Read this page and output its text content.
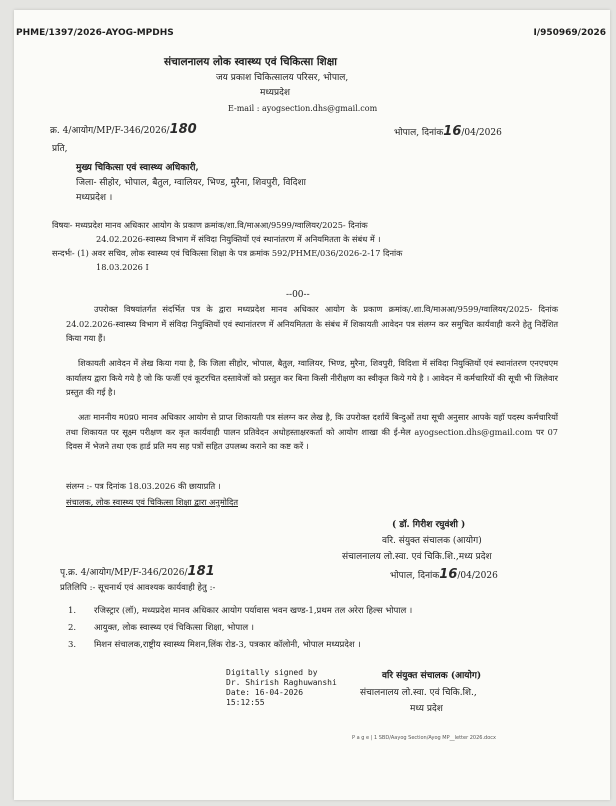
PHME/1397/2026-AYOG-MPDHS	I/950969/2026
संचालनालय लोक स्वास्थ्य एवं चिकित्सा शिक्षा
जय प्रकाश चिकित्सालय परिसर, भोपाल,
मध्यप्रदेश
E-mail : ayogsection.dhs@gmail.com
क्र. 4/आयोग/MP/F-346/2026/180	भोपाल, दिनांक16/04/2026
प्रति,
मुख्य चिकित्सा एवं स्वास्थ्य अधिकारी,
जिला- सीहोर, भोपाल, बैतुल, ग्वालियर, भिण्ड, मुरैना, शिवपुरी, विदिशा
मध्यप्रदेश ।
विषयः- मध्यप्रदेश मानव अधिकार आयोग के प्रकाण क्रमांक/शा.वि/माअआ/9599/ग्वालियर/2025- दिनांक
24.02.2026-स्वास्थ्य विभाग में संविदा नियुक्तियों एवं स्थानांतरण में अनियमितता के संबंध में ।
सन्दर्भः- (1) अवर सचिव, लोक स्वास्थ्य एवं चिकित्सा शिक्षा के पत्र क्रमांक 592/PHME/036/2026-2-17 दिनांक
18.03.2026 I
--00--
उपरोक्त विषयांतर्गत संदर्भित पत्र के द्वारा मध्यप्रदेश मानव अधिकार आयोग के प्रकाण क्रमांक/.शा.वि/माअआ/9599/ग्वालियर/2025- दिनांक 24.02.2026-स्वास्थ्य विभाग में संविदा नियुक्तियों एवं स्थानांतरण में अनियमितता के संबंध में शिकायती आवेदन पत्र संलग्न कर समुचित कार्यवाही करने हेतु निर्देशित किया गया हैं।
शिकायती आवेदन में लेख किया गया है, कि जिला सीहोर, भोपाल, बैतुल, ग्वालियर, भिण्ड, मुरैना, शिवपुरी, विदिशा में संविदा नियुक्तियों एवं स्थानांतरण एनएचएम कार्यालय द्वारा किये गये है जो कि फर्जी एवं कूटरचित दस्तावेजों को प्रस्तुत कर बिना किसी नीरीक्षण का स्वीकृत किये गये है । आवेदन में कर्मचारियों की सूची भी जिलेवार प्रस्तुत की गई है।
अतः माननीय म0प्र0 मानव अधिकार आयोग से प्राप्त शिकायती पत्र संलग्न कर लेख है, कि उपरोक्त दर्शायें बिन्दुओं तथा सूची अनुसार आपके यहॉ पदस्थ कर्मचारियों तथा शिकायत पर सूक्ष्म परीक्षण कर कृत कार्यवाही पालन प्रतिवेदन अधोहस्ताक्षरकर्ता को आयोग शाखा की ई-मेल ayogsection.dhs@gmail.com पर 07 दिवस में भेजने तथा एक हार्ड प्रति मय सह पत्रों सहित उपलब्ध कराने का कष्ट करें ।
संलग्न :- पत्र दिनांक 18.03.2026 की छायाप्रति ।
संचालक, लोक स्वास्थ्य एवं चिकित्सा शिक्षा द्वारा अनुमोदित
( डॉ. गिरीश रघुवंशी )
वरि. संयुक्त संचालक (आयोग)
संचालनालय लो.स्वा. एवं चिकि.शि.,मध्य प्रदेश
पृ.क्र. 4/आयोग/MP/F-346/2026/181	भोपाल, दिनांक16/04/2026
प्रतिलिपि :- सूचनार्थ एवं आवश्यक कार्यवाही हेतु :-
1.	रजिस्ट्रार (लॉ), मध्यप्रदेश मानव अधिकार आयोग पर्यावास भवन खण्ड-1,प्रथम तल अरेरा हिल्स भोपाल ।
2.	आयुक्त, लोक स्वास्थ्य एवं चिकित्सा शिक्षा, भोपाल ।
3.	मिशन संचालक,राष्ट्रीय स्वास्थ्य मिशन,लिंक रोड-3, पत्रकार कॉलोनी, भोपाल मध्यप्रदेश ।
Digitally signed by
Dr. Shirish Raghuwanshi
Date: 16-04-2026
15:12:55
वरि संयुक्त संचालक (आयोग)
संचालनालय लो.स्वा. एवं चिकि.शि.,
मध्य प्रदेश
P a g e | 1 SBD/Aayog Section/Ayog MP__letter 2026.docx
